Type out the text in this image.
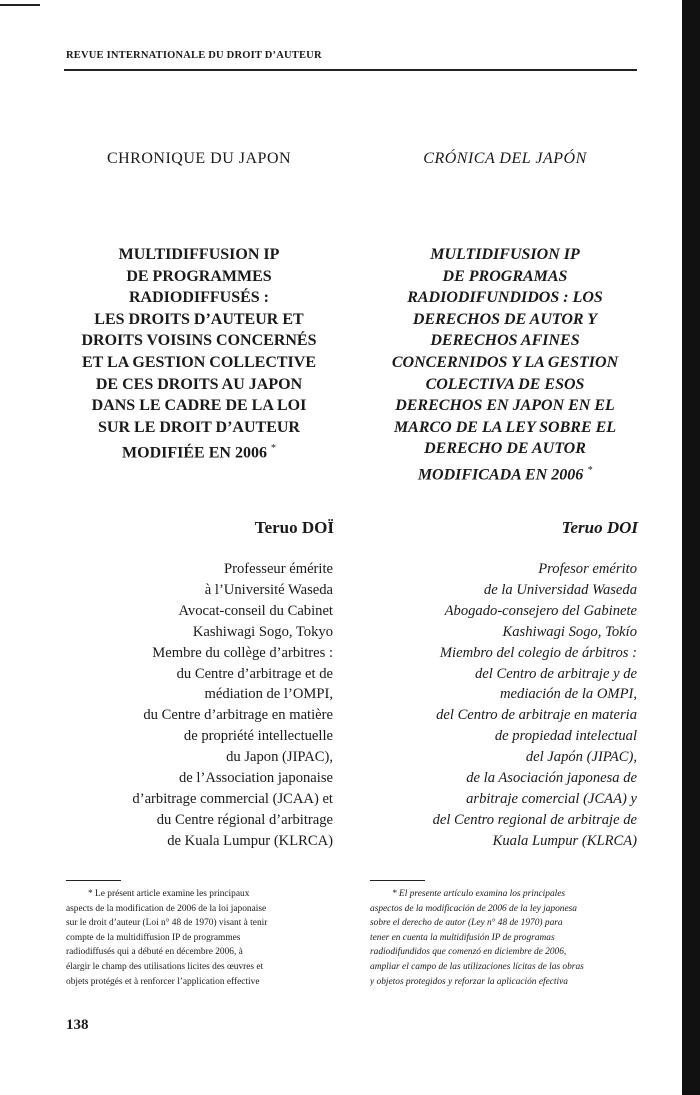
REVUE INTERNATIONALE DU DROIT D’AUTEUR
CHRONIQUE DU JAPON	CRÓNICA DEL JAPÓN
MULTIDIFFUSION IP
DE PROGRAMMES
RADIODIFFUSÉS :
LES DROITS D’AUTEUR ET
DROITS VOISINS CONCERNÉS
ET LA GESTION COLLECTIVE
DE CES DROITS AU JAPON
DANS LE CADRE DE LA LOI
SUR LE DROIT D’AUTEUR
MODIFIÉE EN 2006 *
MULTIDIFUSION IP
DE PROGRAMAS
RADIODIFUNDIDOS : LOS
DERECHOS DE AUTOR Y
DERECHOS AFINES
CONCERNIDOS Y LA GESTION
COLECTIVA DE ESOS
DERECHOS EN JAPON EN EL
MARCO DE LA LEY SOBRE EL
DERECHO DE AUTOR
MODIFICADA EN 2006 *
Teruo DOÏ	Teruo DOI
Professeur émérite
à l’Université Waseda
Avocat-conseil du Cabinet
Kashiwagi Sogo, Tokyo
Membre du collège d’arbitres :
du Centre d’arbitrage et de
médiation de l’OMPI,
du Centre d’arbitrage en matière
de propriété intellectuelle
du Japon (JIPAC),
de l’Association japonaise
d’arbitrage commercial (JCAA) et
du Centre régional d’arbitrage
de Kuala Lumpur (KLRCA)
Profesor emérito
de la Universidad Waseda
Abogado-consejero del Gabinete
Kashiwagi Sogo, Tokío
Miembro del colegio de árbitros :
del Centro de arbitraje y de
mediación de la OMPI,
del Centro de arbitraje en materia
de propiedad intelectual
del Japón (JIPAC),
de la Asociación japonesa de
arbitraje comercial (JCAA) y
del Centro regional de arbitraje de
Kuala Lumpur (KLRCA)
* Le présent article examine les principaux
aspects de la modification de 2006 de la loi japonaise
sur le droit d’auteur (Loi n° 48 de 1970) visant à tenir
compte de la multidiffusion IP de programmes
radiodiffusés qui a débuté en décembre 2006, à
élargir le champ des utilisations licites des œuvres et
objets protégés et à renforcer l’application effective
* El presente artículo examina los principales
aspectos de la modificación de 2006 de la ley japonesa
sobre el derecho de autor (Ley n° 48 de 1970) para
tener en cuenta la multidifusión IP de programas
radiodifundidos que comenzó en diciembre de 2006,
ampliar el campo de las utilizaciones lícitas de las obras
y objetos protegidos y reforzar la aplicación efectiva
138
